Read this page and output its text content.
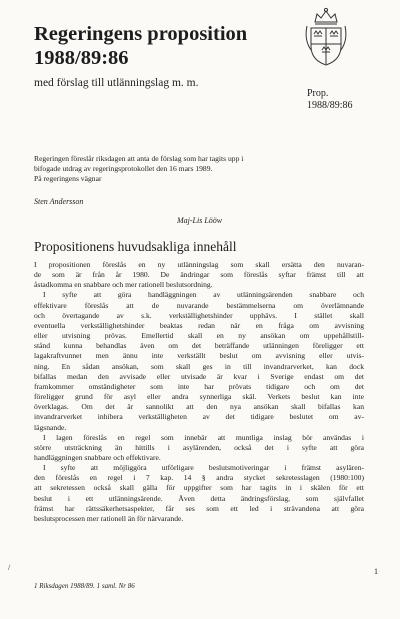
Regeringens proposition
1988/89:86
med förslag till utlänningslag m. m.
Prop.
1988/89:86
Regeringen föreslår riksdagen att anta de förslag som har tagits upp i
bifogade utdrag av regeringsprotokollet den 16 mars 1989.
På regeringens vägnar
Sten Andersson
Maj-Lis Lööw
Propositionens huvudsakliga innehåll

I propositionen föreslås en ny utlänningslag som skall ersätta den nuvaran-
de som är från år 1980. De ändringar som föreslås syftar främst till att
åstadkomma en snabbare och mer rationell beslutsordning.

I syfte att göra handläggningen av utlänningsärenden snabbare och
effektivare föreslås att de nuvarande bestämmelserna om överlämnande
och övertagande av s.k. verkställighetshinder upphävs. I stället skall
eventuella verkställighetshinder beaktas redan när en fråga om avvisning
eller utvisning prövas. Emellertid skall en ny ansökan om uppehållstill-
stånd kunna behandlas även om det beträffande utlänningen föreligger ett
lagakraftvunnet men ännu inte verkställt beslut om avvisning eller utvis-
ning. En sådan ansökan, som skall ges in till invandrarverket, kan dock
bifallas medan den avvisade eller utvisade är kvar i Sverige endast om det
framkommer omständigheter som inte har prövats tidigare och om det
föreligger grund för asyl eller andra synnerliga skäl. Verkets beslut kan inte
överklagas. Om det är sannolikt att den nya ansökan skall bifallas kan
invandrarverket inhibera verkställigheten av det tidigare beslutet om av-
lägsnande.

I lagen föreslås en regel som innebär att muntliga inslag bör användas i
större utsträckning än hittills i asylärenden, också det i syfte att göra
handläggningen snabbare och effektivare.

I syfte att möjliggöra utförligare beslutsmotiveringar i främst asylären-
den föreslås en regel i 7 kap. 14 § andra stycket sekretesslagen (1980:100)
att sekretessen också skall gälla för uppgifter som har tagits in i skälen för ett
beslut i ett utlänningsärende. Även detta ändringsförslag, som självfallet
främst har rättssäkerhetsaspekter, får ses som ett led i strävandena att göra
beslutsprocessen mer rationell än för närvarande.

/	1
1 Riksdagen 1988/89. 1 saml. Nr 86
